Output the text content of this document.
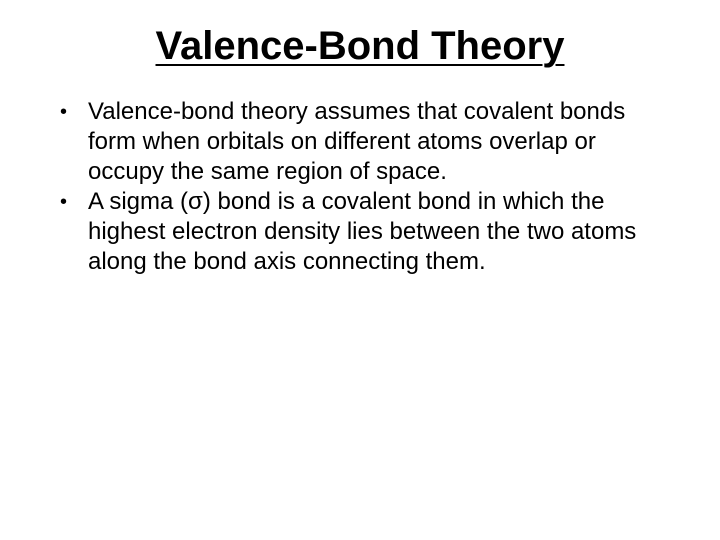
Valence-Bond Theory
• Valence-bond theory assumes that covalent bonds form when orbitals on different atoms overlap or occupy the same region of space.
• A sigma (σ) bond is a covalent bond in which the highest electron density lies between the two atoms along the bond axis connecting them.
